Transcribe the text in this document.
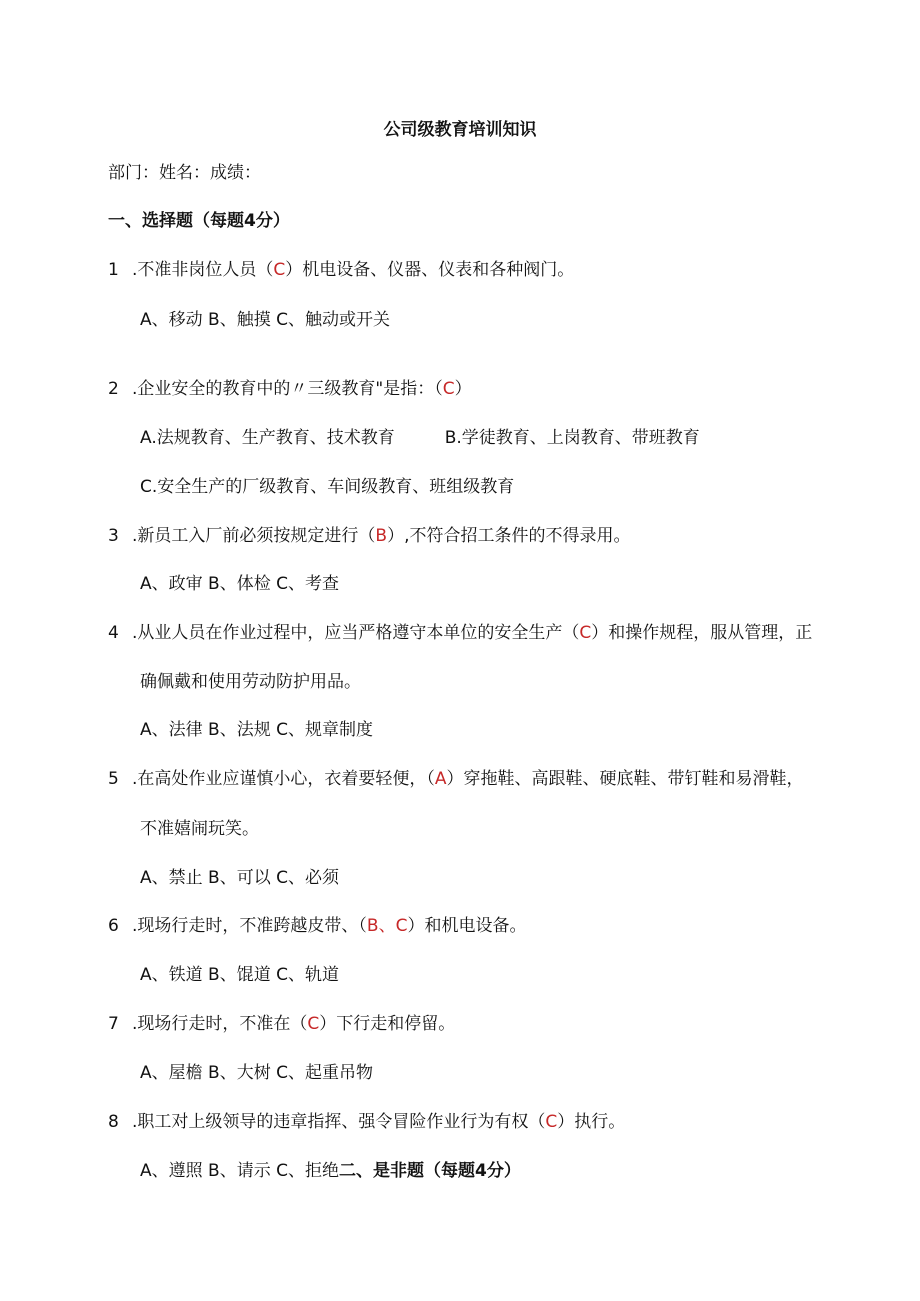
公司级教育培训知识
部门：姓名：成绩：
一、选择题（每题4分）
1 .不准非岗位人员（C）机电设备、仪器、仪表和各种阀门。
A、移动 B、触摸 C、触动或开关
2 .企业安全的教育中的〃三级教育"是指：（C）
A.法规教育、生产教育、技术教育	B.学徒教育、上岗教育、带班教育
C.安全生产的厂级教育、车间级教育、班组级教育
3 .新员工入厂前必须按规定进行（B）,不符合招工条件的不得录用。
A、政审 B、体检 C、考查
4 .从业人员在作业过程中，应当严格遵守本单位的安全生产（C）和操作规程，服从管理，正
确佩戴和使用劳动防护用品。
A、法律 B、法规 C、规章制度
5 .在高处作业应谨慎小心，衣着要轻便，（A）穿拖鞋、高跟鞋、硬底鞋、带钉鞋和易滑鞋，
不准嬉闹玩笑。
A、禁止 B、可以 C、必须
6 .现场行走时，不准跨越皮带、（B、C）和机电设备。
A、铁道 B、馄道 C、轨道
7 .现场行走时，不准在（C）下行走和停留。
A、屋檐 B、大树 C、起重吊物
8 .职工对上级领导的违章指挥、强令冒险作业行为有权（C）执行。
A、遵照 B、请示 C、拒绝二、是非题（每题4分）
